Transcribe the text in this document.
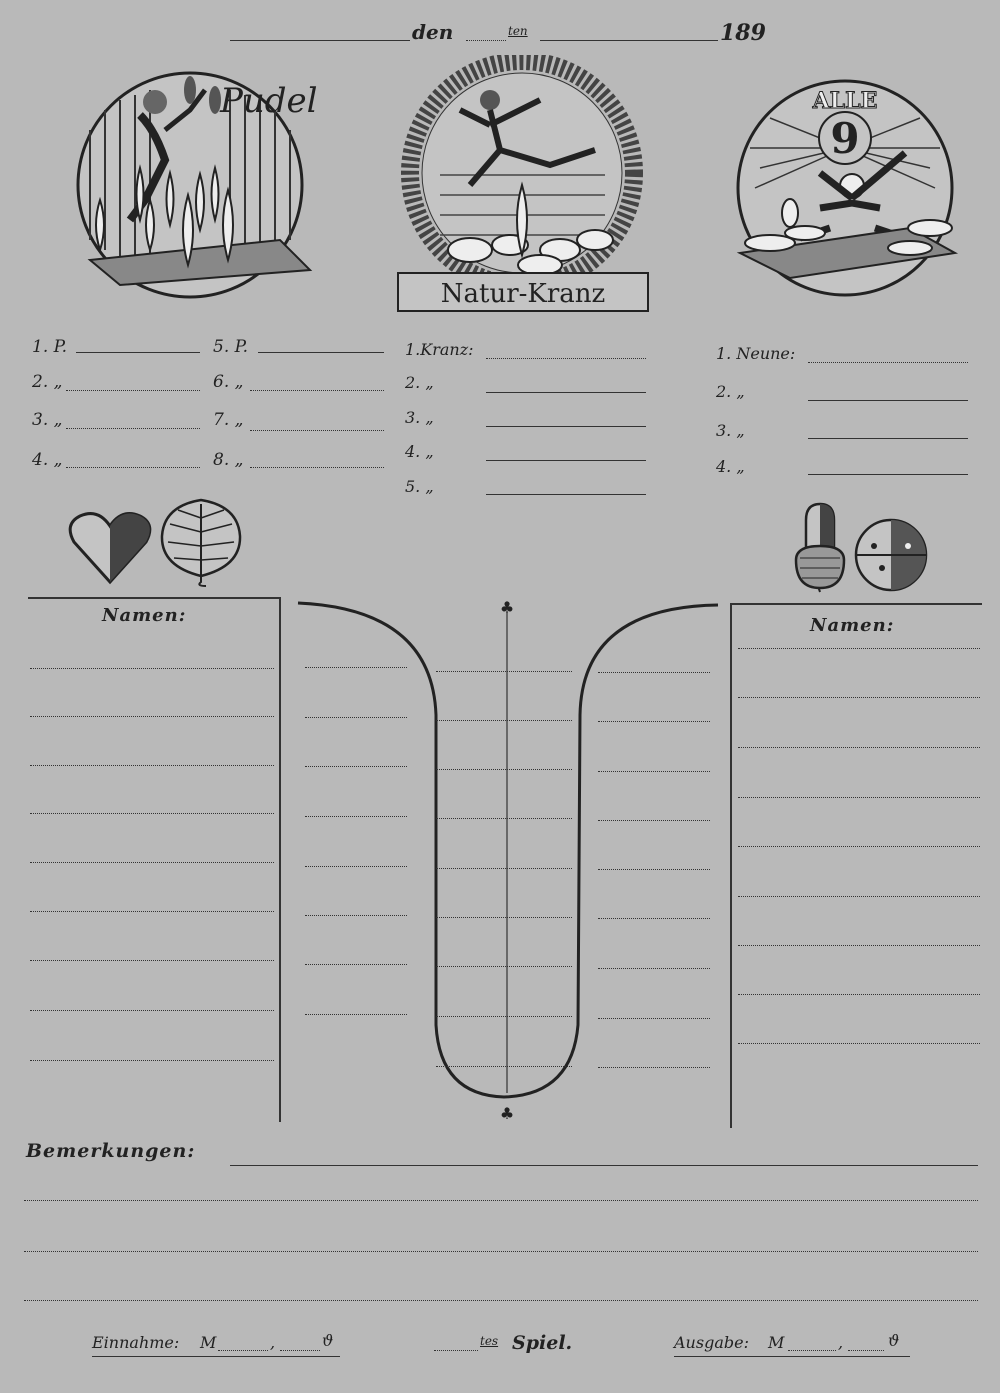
den	ten	189
Pudel
Natur-Kranz
9
ALLE
1. P.
2. „
3. „
4. „
5. P.
6. „
7. „
8. „
1.Kranz:
2. „
3. „
4. „
5. „
1. Neune:
2. „
3. „
4. „
Namen:	Namen:
♣
♣
Bemerkungen:
Einnahme: M	,	ϑ	tes Spiel.	Ausgabe: M	,	ϑ
